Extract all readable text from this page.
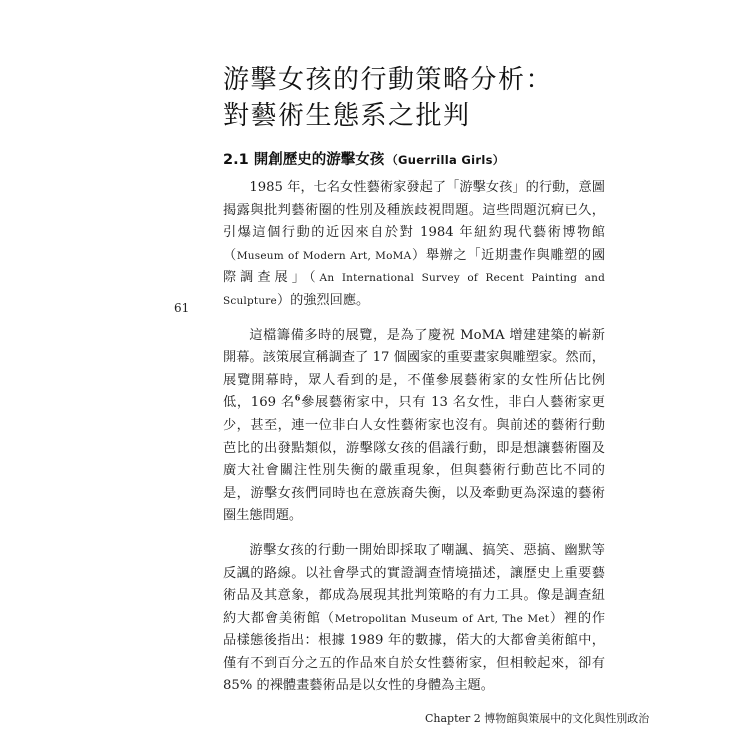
游擊女孩的行動策略分析：
對藝術生態系之批判
2.1 開創歷史的游擊女孩 （Guerrilla Girls）
61

1985 年，七名女性藝術家發起了「游擊女孩」的行動，意圖揭露與批判藝術圈的性別及種族歧視問題。這些問題沉痾已久，引爆這個行動的近因來自於對 1984 年紐約現代藝術博物館（Museum of Modern Art, MoMA）舉辦之「近期畫作與雕塑的國際調查展」（An International Survey of Recent Painting and Sculpture）的強烈回應。

這檔籌備多時的展覽，是為了慶祝 MoMA 增建建築的嶄新開幕。該策展宣稱調查了 17 個國家的重要畫家與雕塑家。然而，展覽開幕時，眾人看到的是，不僅參展藝術家的女性所佔比例低，169 名$^6$參展藝術家中，只有 13 名女性，非白人藝術家更少，甚至，連一位非白人女性藝術家也沒有。與前述的藝術行動芭比的出發點類似，游擊隊女孩的倡議行動，即是想讓藝術圈及廣大社會關注性別失衡的嚴重現象，但與藝術行動芭比不同的是，游擊女孩們同時也在意族裔失衡，以及牽動更為深遠的藝術圈生態問題。

游擊女孩的行動一開始即採取了嘲諷、搞笑、惡搞、幽默等反諷的路線。以社會學式的實證調查情境描述，讓歷史上重要藝術品及其意象，都成為展現其批判策略的有力工具。像是調查紐約大都會美術館（Metropolitan Museum of Art, The Met）裡的作品樣態後指出：根據 1989 年的數據，偌大的大都會美術館中，僅有不到百分之五的作品來自於女性藝術家，但相較起來，卻有 85% 的裸體畫藝術品是以女性的身體為主題。

Chapter 2 博物館與策展中的文化與性別政治
